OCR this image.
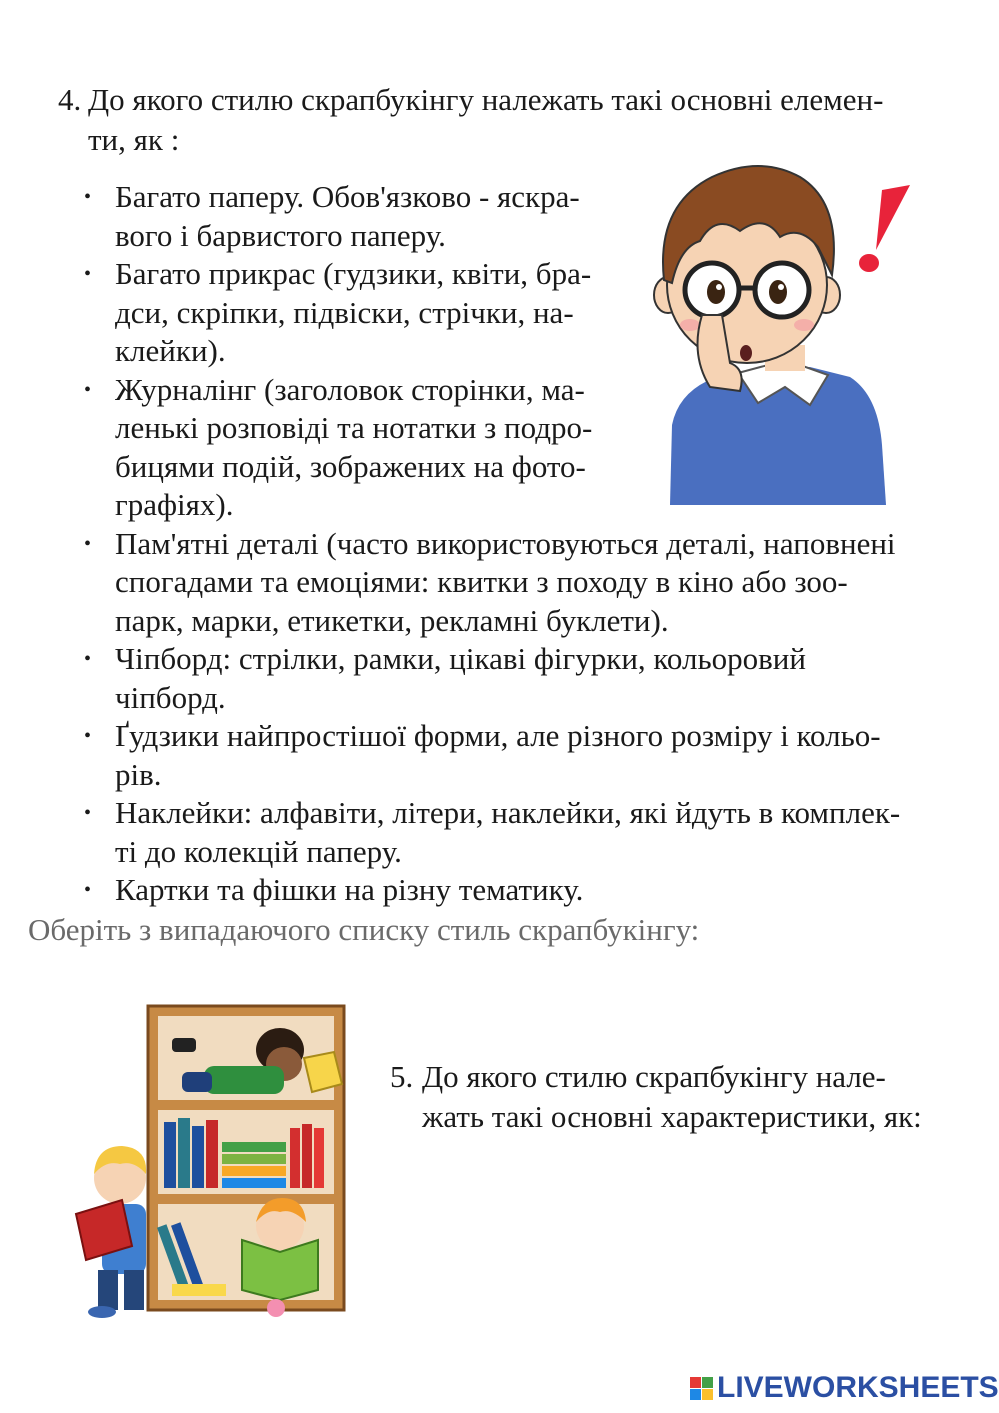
4. До якого стилю скрапбукінгу належать такі основні елемен-
ти, як :
• Багато паперу. Обов'язково - яскра-
вого і барвистого паперу.
• Багато прикрас (гудзики, квіти, бра-
дси, скріпки, підвіски, стрічки, на-
клейки).
• Журналінг (заголовок сторінки, ма-
ленькі розповіді та нотатки з подро-
бицями подій, зображених на фото-
графіях).
• Пам'ятні деталі (часто використовуються деталі, наповнені
спогадами та емоціями: квитки з походу в кіно або зоо-
парк, марки, етикетки, рекламні буклети).
• Чіпборд: стрілки, рамки, цікаві фігурки, кольоровий
чіпборд.
• Ґудзики найпростішої форми, але різного розміру і кольо-
рів.
• Наклейки: алфавіти, літери, наклейки, які йдуть в комплек-
ті до колекцій паперу.
• Картки та фішки на різну тематику.
Оберіть з випадаючого списку стиль скрапбукінгу:
5. До якого стилю скрапбукінгу нале-
жать такі основні характеристики, як:
LIVEWORKSHEETS
